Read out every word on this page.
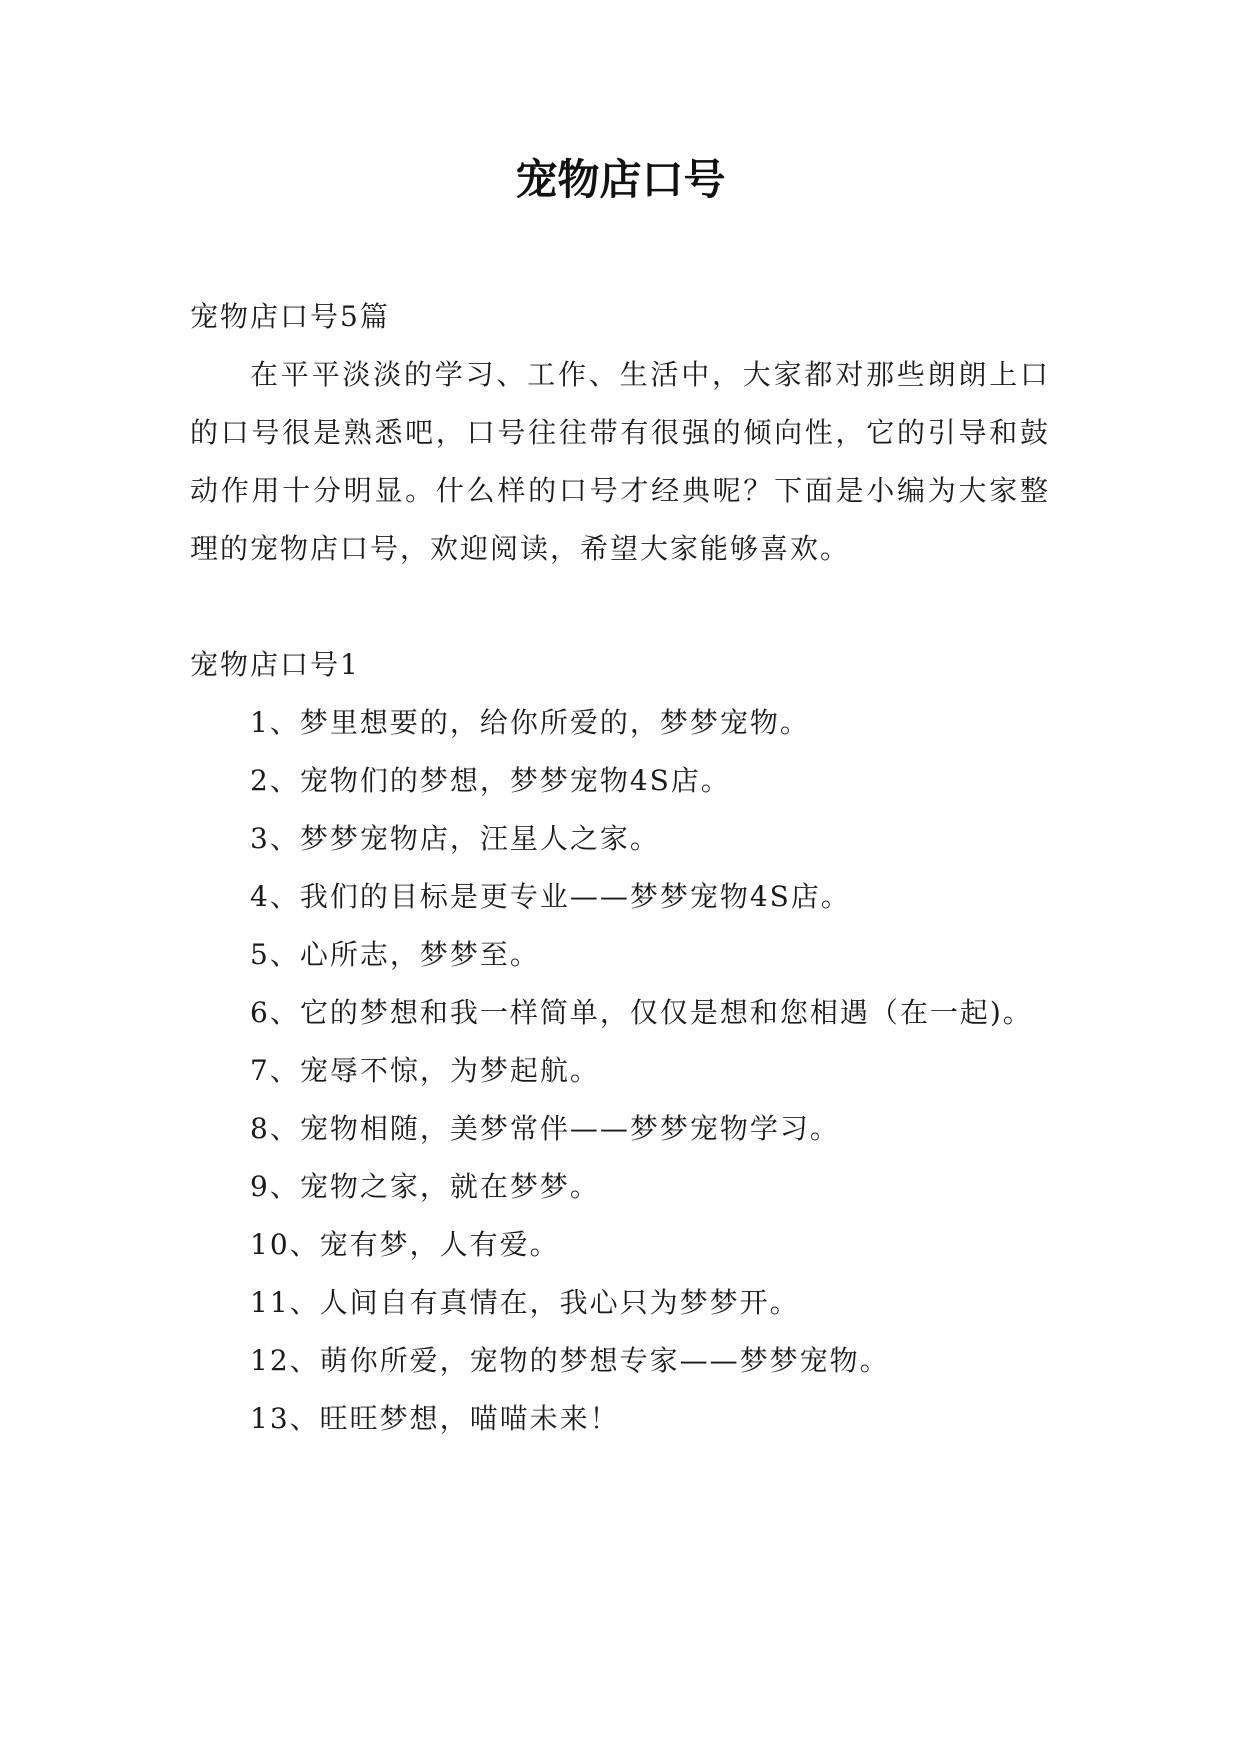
宠物店口号

宠物店口号5篇

在平平淡淡的学习、工作、生活中，大家都对那些朗朗上口的口号很是熟悉吧，口号往往带有很强的倾向性，它的引导和鼓动作用十分明显。什么样的口号才经典呢？下面是小编为大家整理的宠物店口号，欢迎阅读，希望大家能够喜欢。

宠物店口号1

1、梦里想要的，给你所爱的，梦梦宠物。
2、宠物们的梦想，梦梦宠物4S店。
3、梦梦宠物店，汪星人之家。
4、我们的目标是更专业——梦梦宠物4S店。
5、心所志，梦梦至。
6、它的梦想和我一样简单，仅仅是想和您相遇（在一起)。
7、宠辱不惊，为梦起航。
8、宠物相随，美梦常伴——梦梦宠物学习。
9、宠物之家，就在梦梦。
10、宠有梦，人有爱。
11、人间自有真情在，我心只为梦梦开。
12、萌你所爱，宠物的梦想专家——梦梦宠物。
13、旺旺梦想，喵喵未来！
